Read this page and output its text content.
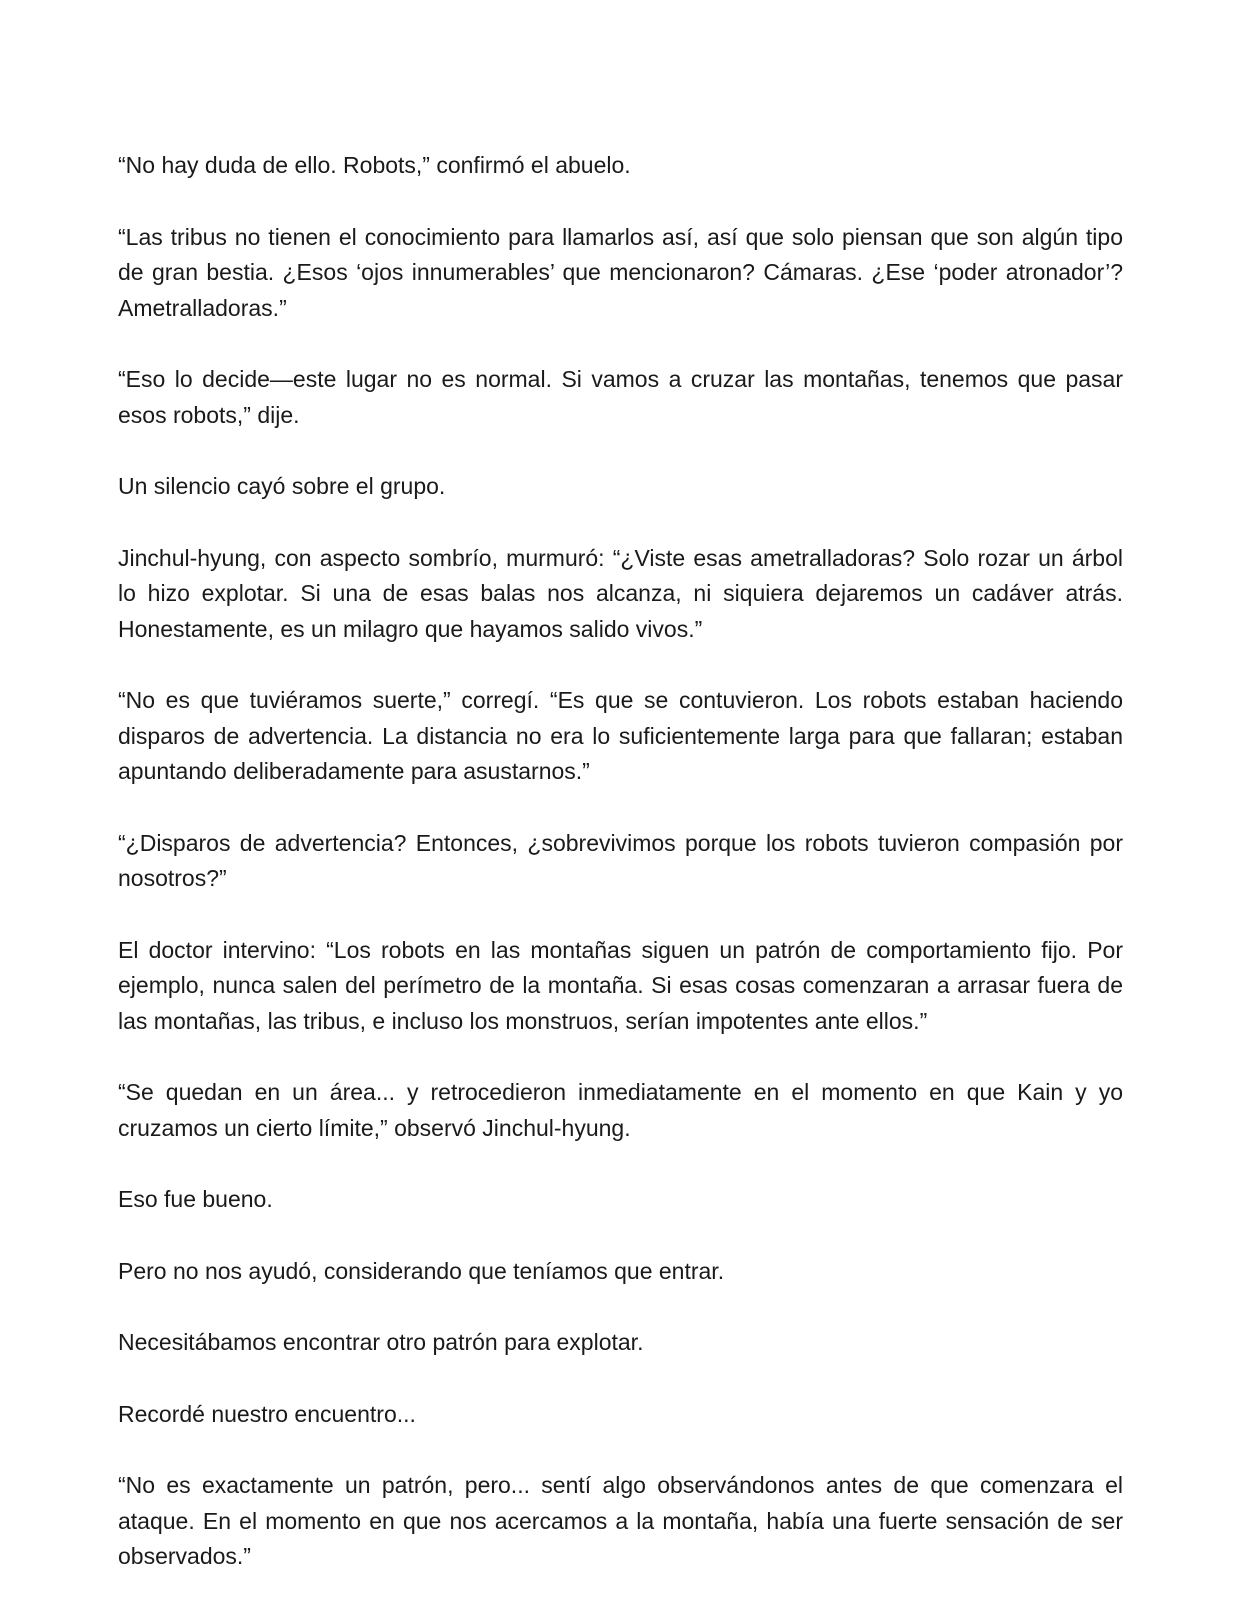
“No hay duda de ello. Robots,” confirmó el abuelo.

“Las tribus no tienen el conocimiento para llamarlos así, así que solo piensan que son algún tipo de gran bestia. ¿Esos ‘ojos innumerables’ que mencionaron? Cámaras. ¿Ese ‘poder atronador’? Ametralladoras.”

“Eso lo decide—este lugar no es normal. Si vamos a cruzar las montañas, tenemos que pasar esos robots,” dije.

Un silencio cayó sobre el grupo.

Jinchul-hyung, con aspecto sombrío, murmuró: “¿Viste esas ametralladoras? Solo rozar un árbol lo hizo explotar. Si una de esas balas nos alcanza, ni siquiera dejaremos un cadáver atrás. Honestamente, es un milagro que hayamos salido vivos.”

“No es que tuviéramos suerte,” corregí. “Es que se contuvieron. Los robots estaban haciendo disparos de advertencia. La distancia no era lo suficientemente larga para que fallaran; estaban apuntando deliberadamente para asustarnos.”

“¿Disparos de advertencia? Entonces, ¿sobrevivimos porque los robots tuvieron compasión por nosotros?”

El doctor intervino: “Los robots en las montañas siguen un patrón de comportamiento fijo. Por ejemplo, nunca salen del perímetro de la montaña. Si esas cosas comenzaran a arrasar fuera de las montañas, las tribus, e incluso los monstruos, serían impotentes ante ellos.”

“Se quedan en un área... y retrocedieron inmediatamente en el momento en que Kain y yo cruzamos un cierto límite,” observó Jinchul-hyung.

Eso fue bueno.

Pero no nos ayudó, considerando que teníamos que entrar.

Necesitábamos encontrar otro patrón para explotar.

Recordé nuestro encuentro...

“No es exactamente un patrón, pero... sentí algo observándonos antes de que comenzara el ataque. En el momento en que nos acercamos a la montaña, había una fuerte sensación de ser observados.”
